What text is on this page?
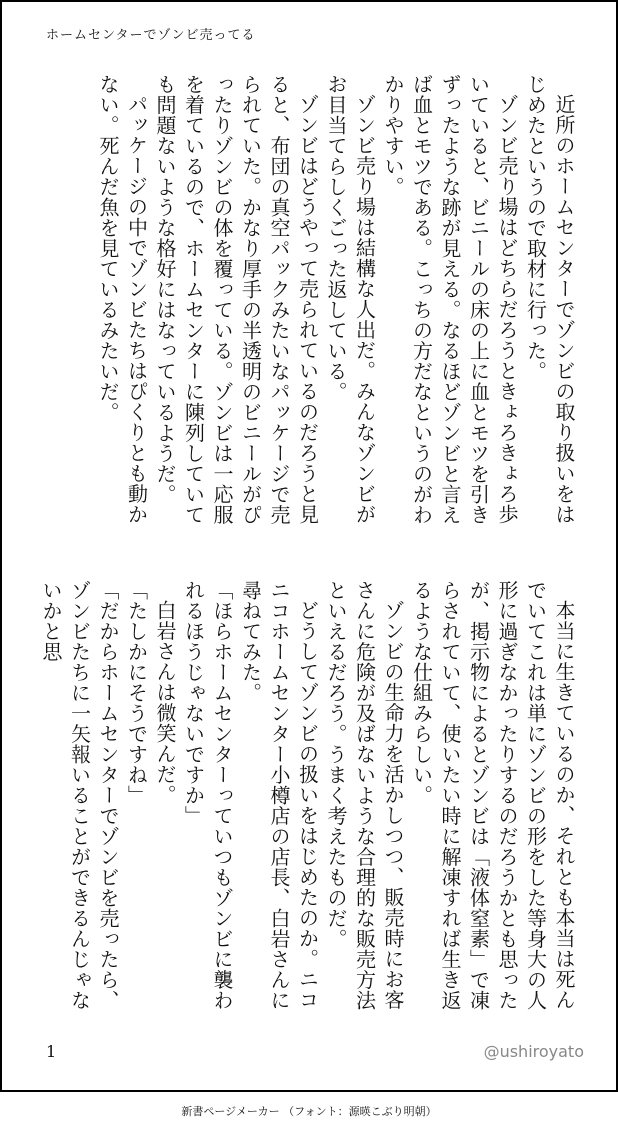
ホームセンターでゾンビ売ってる

近所のホームセンターでゾンビの取り扱いをはじめたというので取材に行った。

ゾンビ売り場はどちらだろうときょろきょろ歩いていると、ビニールの床の上に血とモツを引きずったような跡が見える。なるほどゾンビと言えば血とモツである。こっちの方だなというのがわかりやすい。

ゾンビ売り場は結構な人出だ。みんなゾンビがお目当てらしくごった返している。

ゾンビはどうやって売られているのだろうと見ると、布団の真空パックみたいなパッケージで売られていた。かなり厚手の半透明のビニールがぴったりゾンビの体を覆っている。ゾンビは一応服を着ているので、ホームセンターに陳列していても問題ないような格好にはなっているようだ。

パッケージの中でゾンビたちはぴくりとも動かない。死んだ魚を見ているみたいだ。

本当に生きているのか、それとも本当は死んでいてこれは単にゾンビの形をした等身大の人形に過ぎなかったりするのだろうかとも思ったが、掲示物によるとゾンビは「液体窒素」で凍らされていて、使いたい時に解凍すれば生き返るような仕組みらしい。

ゾンビの生命力を活かしつつ、販売時にお客さんに危険が及ばないような合理的な販売方法といえるだろう。うまく考えたものだ。

どうしてゾンビの扱いをはじめたのか。ニコニコホームセンター小樽店の店長、白岩さんに尋ねてみた。

「ほらホームセンターっていつもゾンビに襲われるほうじゃないですか」

白岩さんは微笑んだ。

「たしかにそうですね」

「だからホームセンターでゾンビを売ったら、ゾンビたちに一矢報いることができるんじゃないかと思

1	@ushiroyato
新書ページメーカー （フォント：源暎こぶり明朝）
